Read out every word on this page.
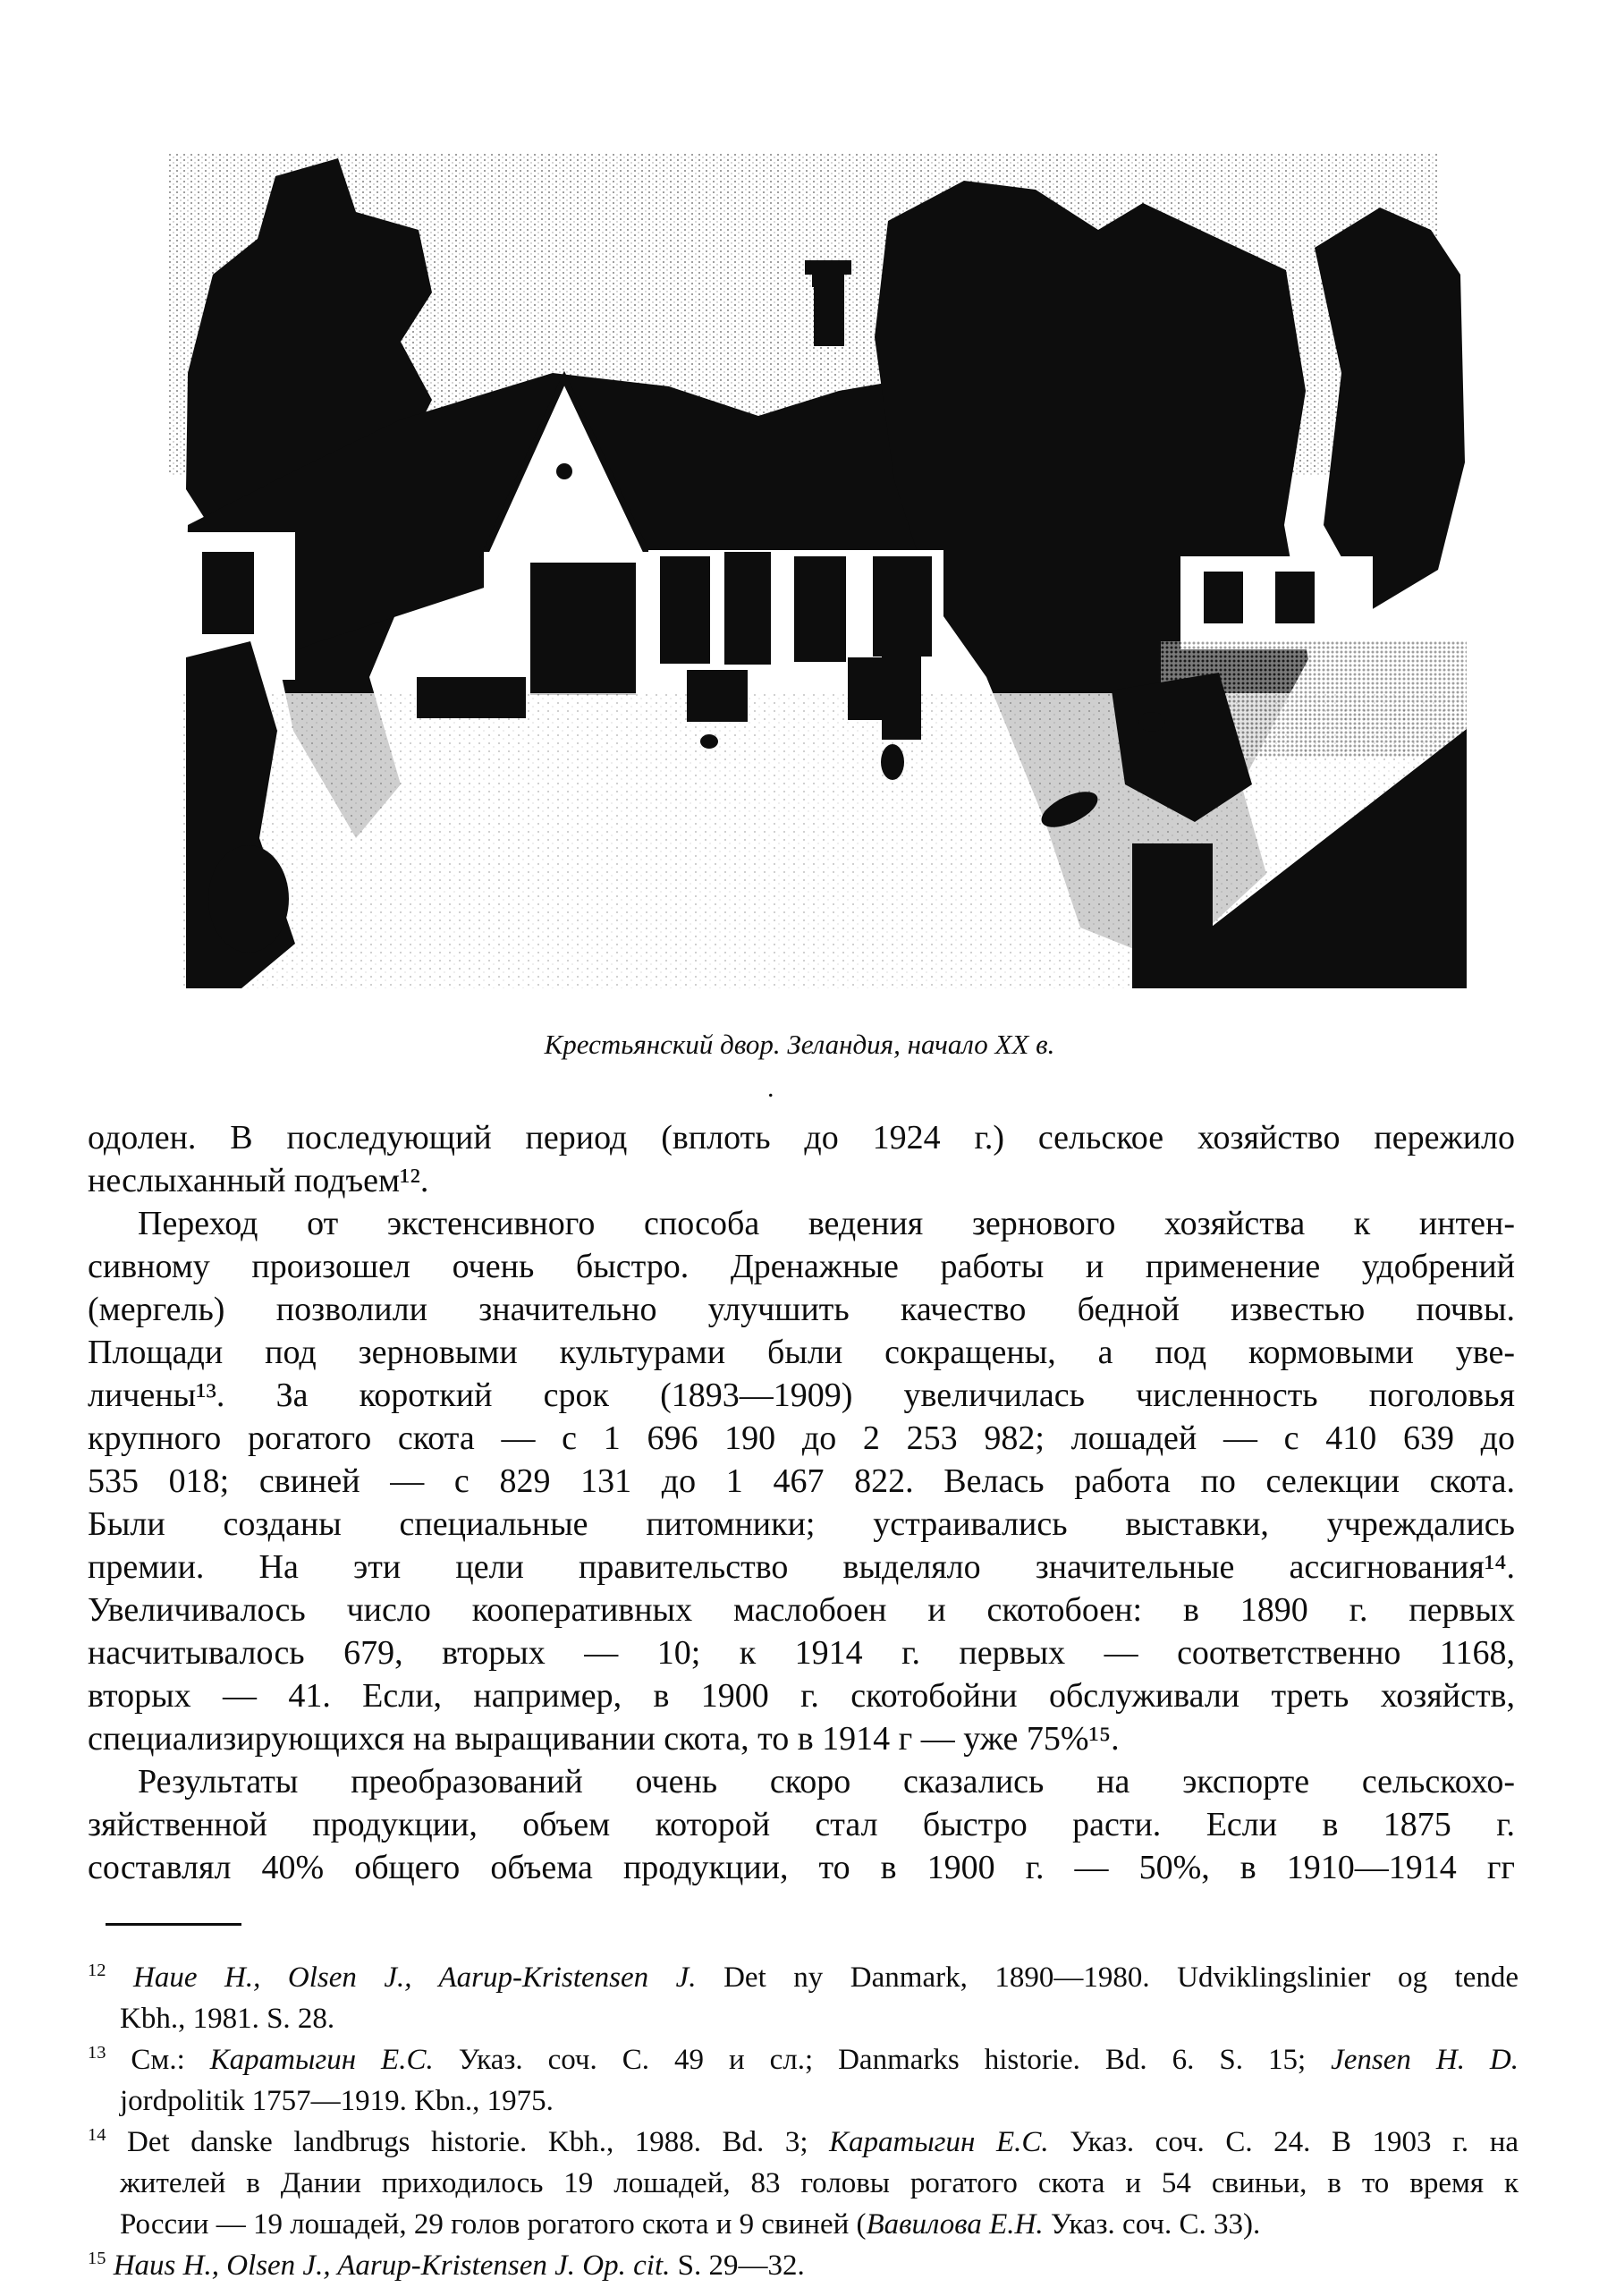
Крестьянский двор. Зеландия, начало XX в.
.
одолен. В последующий период (вплоть до 1924 г.) сельское хозяйство пережило
неслыханный подъем¹².
Переход от экстенсивного способа ведения зернового хозяйства к интен-
сивному произошел очень быстро. Дренажные работы и применение удобрений
(мергель) позволили значительно улучшить качество бедной известью почвы.
Площади под зерновыми культурами были сокращены, а под кормовыми уве-
личены¹³. За короткий срок (1893—1909) увеличилась численность поголовья
крупного рогатого скота — с 1 696 190 до 2 253 982; лошадей — с 410 639 до
535 018; свиней — с 829 131 до 1 467 822. Велась работа по селекции скота.
Были созданы специальные питомники; устраивались выставки, учреждались
премии. На эти цели правительство выделяло значительные ассигнования¹⁴.
Увеличивалось число кооперативных маслобоен и скотобоен: в 1890 г. первых
насчитывалось 679, вторых — 10; к 1914 г. первых — соответственно 1168,
вторых — 41. Если, например, в 1900 г. скотобойни обслуживали треть хозяйств,
специализирующихся на выращивании скота, то в 1914 г — уже 75%¹⁵.
Результаты преобразований очень скоро сказались на экспорте сельскохо-
зяйственной продукции, объем которой стал быстро расти. Если в 1875 г.
составлял 40% общего объема продукции, то в 1900 г. — 50%, в 1910—1914 гг
$^{12}$ Haue H., Olsen J., Aarup-Kristensen J. Det ny Danmark, 1890—1980. Udviklingslinier og tende
Kbh., 1981. S. 28.
$^{13}$ См.: Каратыгин Е.С. Указ. соч. С. 49 и сл.; Danmarks historie. Bd. 6. S. 15; Jensen H. D.
jordpolitik 1757—1919. Kbn., 1975.
$^{14}$ Det danske landbrugs historie. Kbh., 1988. Bd. 3; Каратыгин Е.С. Указ. соч. С. 24. В 1903 г. на
жителей в Дании приходилось 19 лошадей, 83 головы рогатого скота и 54 свиньи, в то время к
России — 19 лошадей, 29 голов рогатого скота и 9 свиней (Вавилова Е.Н. Указ. соч. С. 33).
$^{15}$ Haus H., Olsen J., Aarup-Kristensen J. Op. cit. S. 29—32.
